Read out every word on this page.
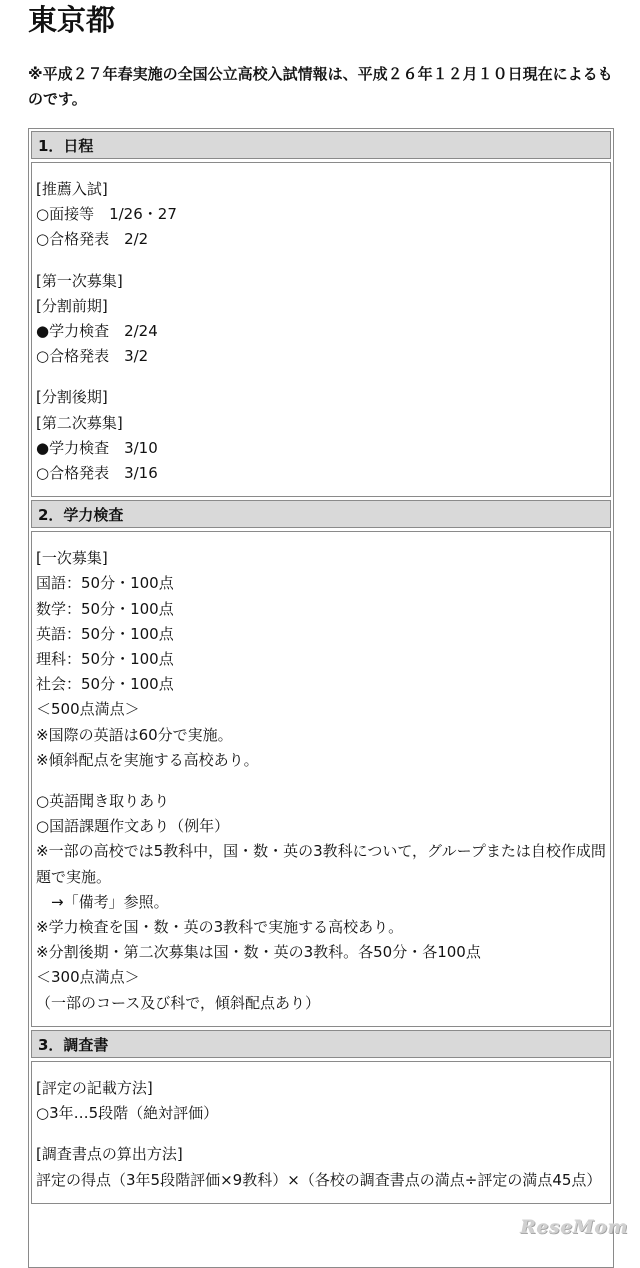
東京都

※平成２７年春実施の全国公立高校入試情報は、平成２６年１２月１０日現在によるものです。

1．日程
[推薦入試]
○面接等　1/26・27
○合格発表　2/2
[第一次募集]
[分割前期]
●学力検査　2/24
○合格発表　3/2
[分割後期]
[第二次募集]
●学力検査　3/10
○合格発表　3/16
2．学力検査
[一次募集]
国語：50分・100点
数学：50分・100点
英語：50分・100点
理科：50分・100点
社会：50分・100点
＜500点満点＞
※国際の英語は60分で実施。
※傾斜配点を実施する高校あり。
○英語聞き取りあり
○国語課題作文あり（例年）
※一部の高校では5教科中，国・数・英の3教科について，グループまたは自校作成問題で実施。
　→「備考」参照。
※学力検査を国・数・英の3教科で実施する高校あり。
※分割後期・第二次募集は国・数・英の3教科。各50分・各100点
＜300点満点＞
（一部のコース及び科で，傾斜配点あり）
3．調査書
[評定の記載方法]
○3年…5段階（絶対評価）
[調査書点の算出方法]
評定の得点（3年5段階評価×9教科）×（各校の調査書点の満点÷評定の満点45点）
ReseMom
